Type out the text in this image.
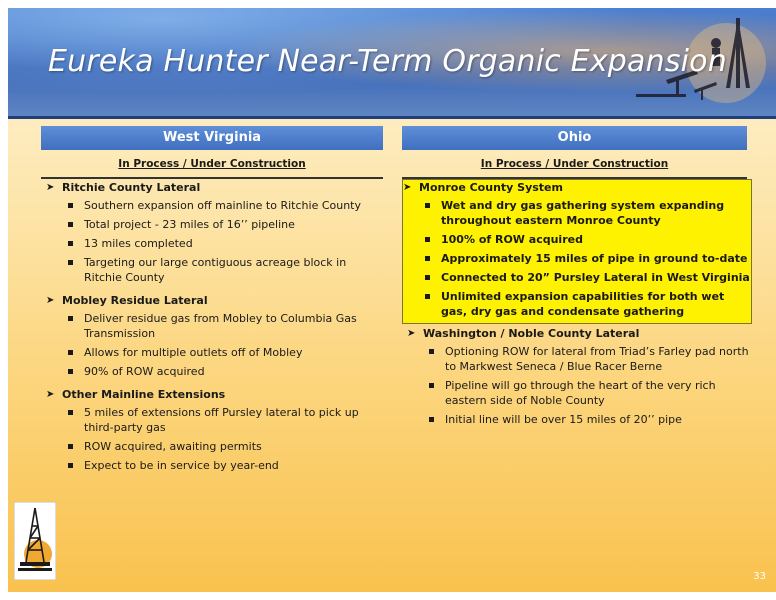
Eureka Hunter Near-Term Organic Expansion
West Virginia
In Process / Under Construction
➤ Ritchie County Lateral
Southern expansion off mainline to Ritchie County
Total project - 23 miles of 16’’ pipeline
13 miles completed
Targeting our large contiguous acreage block in Ritchie County
➤ Mobley Residue Lateral
Deliver residue gas from Mobley to Columbia Gas Transmission
Allows for multiple outlets off of Mobley
90% of ROW acquired
➤ Other Mainline Extensions
5 miles of extensions off Pursley lateral to pick up third-party gas
ROW acquired, awaiting permits
Expect to be in service by year-end
Ohio
In Process / Under Construction
➤ Monroe County System
Wet and dry gas gathering system expanding throughout eastern Monroe County
100% of ROW acquired
Approximately 15 miles of pipe in ground to-date
Connected to 20” Pursley Lateral in West Virginia
Unlimited expansion capabilities for both wet gas, dry gas and condensate gathering
➤ Washington / Noble County Lateral
Optioning ROW for lateral from Triad’s Farley pad north to Markwest Seneca / Blue Racer Berne
Pipeline will go through the heart of the very rich eastern side of Noble County
Initial line will be over 15 miles of 20’’ pipe
33
